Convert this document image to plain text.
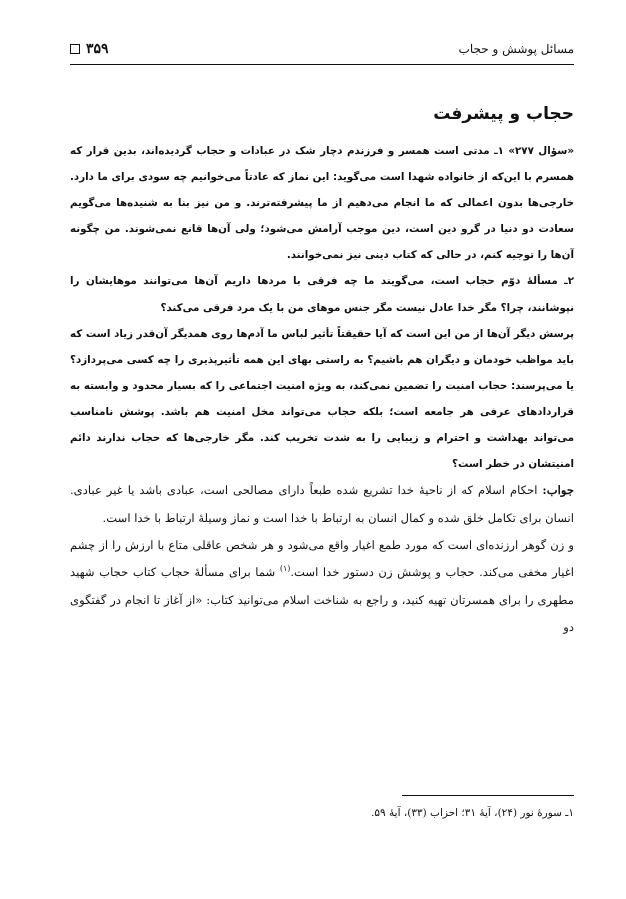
مسائل پوشش و حجاب
۳۵۹
حجاب و پیشرفت

«سؤال ۲۷۷» ۱ـ مدتی است همسر و فرزندم دچار شک در عبادات و حجاب گردیده‌اند، بدین قرار که همسرم با این‌که از خانواده شهدا است می‌گوید: این نماز که عادتاً می‌خوانیم چه سودی برای ما دارد. خارجی‌ها بدون اعمالی که ما انجام می‌دهیم از ما پیشرفته‌ترند. و من نیز بنا به شنیده‌ها می‌گویم سعادت دو دنیا در گرو دین است، دین موجب آرامش می‌شود؛ ولی آن‌ها قانع نمی‌شوند. من چگونه آن‌ها را توجیه کنم، در حالی که کتاب دینی نیز نمی‌خوانند.

۲ـ مسألهٔ دوّم حجاب است، می‌گویند ما چه فرقی با مردها داریم آن‌ها می‌توانند موهایشان را نپوشانند، چرا؟ مگر خدا عادل نیست مگر جنس موهای من با یک مرد فرقی می‌کند؟

پرسش دیگر آن‌ها از من این است که آیا حقیقتاً تأثیر لباس ما آدم‌ها روی همدیگر آن‌قدر زیاد است که باید مواظب خودمان و دیگران هم باشیم؟ به راستی بهای این همه تأثیرپذیری را چه کسی می‌پردازد؟ یا می‌پرسند: حجاب امنیت را تضمین نمی‌کند، به ویژه امنیت اجتماعی را که بسیار محدود و وابسته به قراردادهای عرفی هر جامعه است؛ بلکه حجاب می‌تواند مخل امنیت هم باشد. پوشش نامناسب می‌تواند بهداشت و احترام و زیبایی را به شدت تخریب کند. مگر خارجی‌ها که حجاب ندارند دائم امنیتشان در خطر است؟

جواب: احکام اسلام که از ناحیهٔ خدا تشریع شده طبعاً دارای مصالحی است، عبادی باشد یا غیر عبادی. انسان برای تکامل خلق شده و کمال انسان به ارتباط با خدا است و نماز وسیلهٔ ارتباط با خدا است.

و زن گوهر ارزنده‌ای است که مورد طمع اغیار واقع می‌شود و هر شخص عاقلی متاع با ارزش را از چشم اغیار مخفی می‌کند. حجاب و پوشش زن دستور خدا است.$^{(۱)}$ شما برای مسألهٔ حجاب کتاب حجاب شهید مطهری را برای همسرتان تهیه کنید، و راجع به شناخت اسلام می‌توانید کتاب: «از آغاز تا انجام در گفتگوی دو

۱ـ سورهٔ نور (۲۴)، آیهٔ ۳۱؛ احزاب (۳۳)، آیهٔ ۵۹.
